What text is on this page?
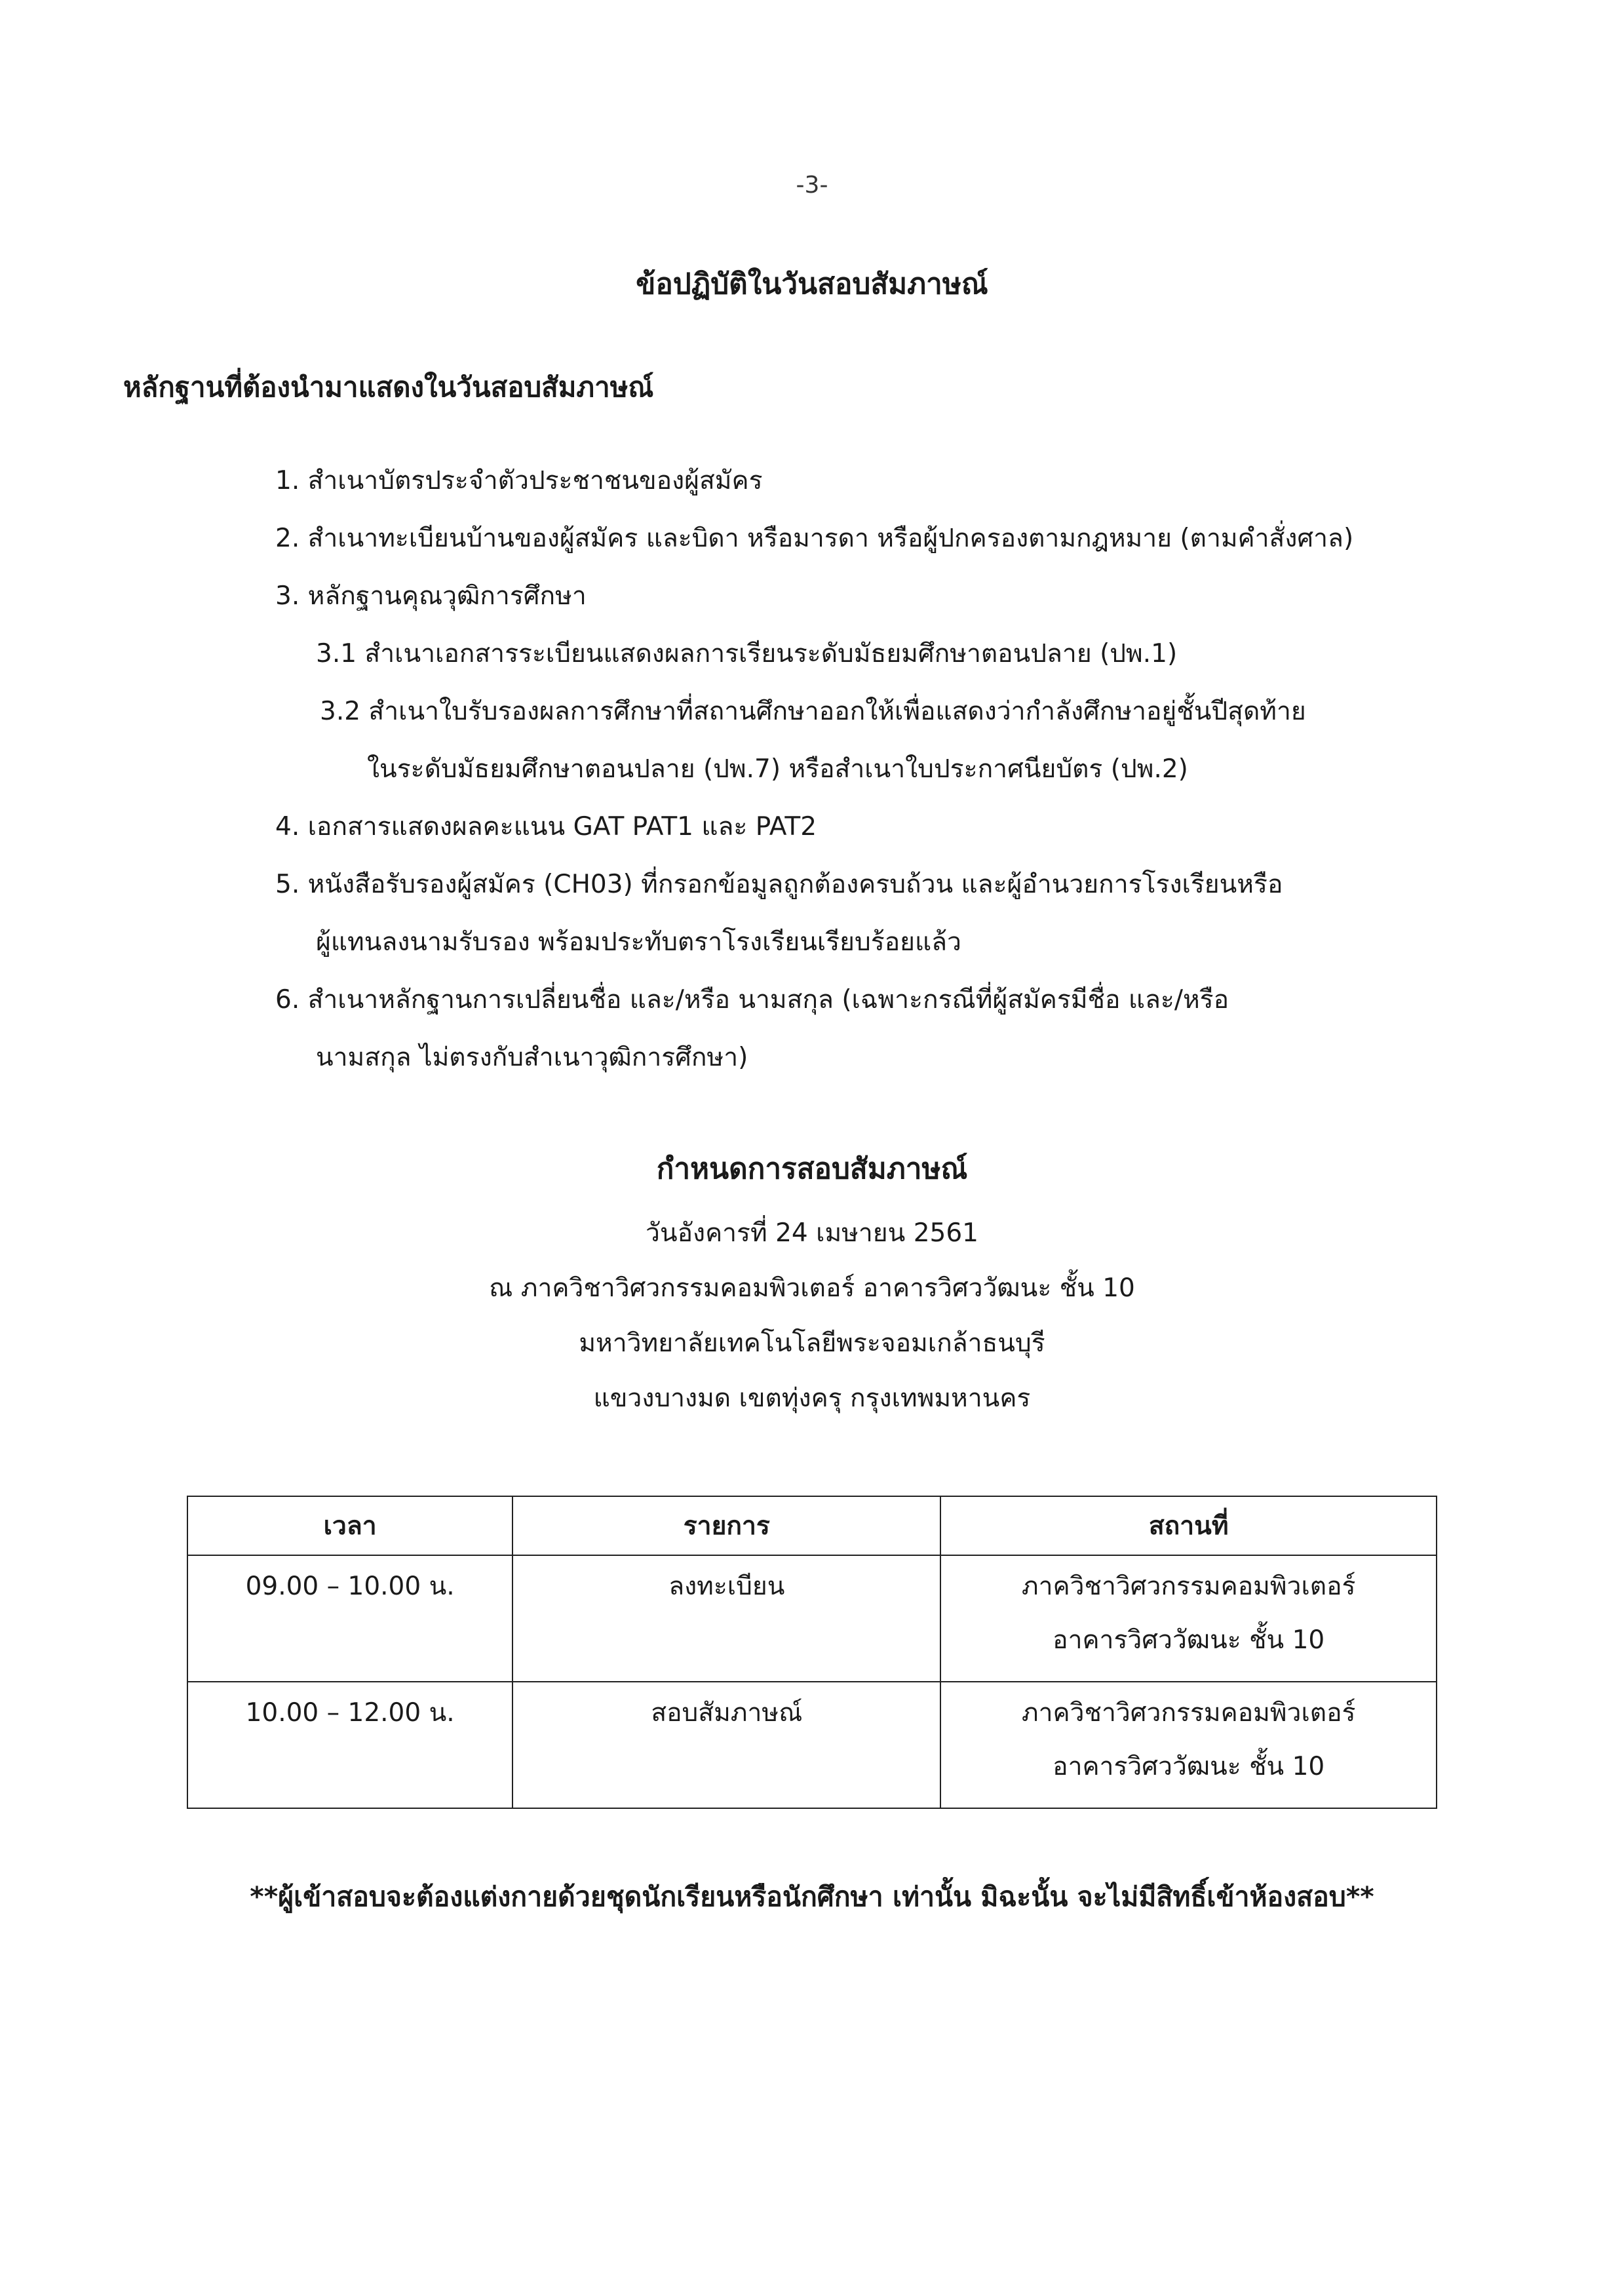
-3-
ข้อปฏิบัติในวันสอบสัมภาษณ์
หลักฐานที่ต้องนำมาแสดงในวันสอบสัมภาษณ์
1. สำเนาบัตรประจำตัวประชาชนของผู้สมัคร
2. สำเนาทะเบียนบ้านของผู้สมัคร และบิดา หรือมารดา หรือผู้ปกครองตามกฎหมาย (ตามคำสั่งศาล)
3. หลักฐานคุณวุฒิการศึกษา
3.1 สำเนาเอกสารระเบียนแสดงผลการเรียนระดับมัธยมศึกษาตอนปลาย (ปพ.1)
3.2 สำเนาใบรับรองผลการศึกษาที่สถานศึกษาออกให้เพื่อแสดงว่ากำลังศึกษาอยู่ชั้นปีสุดท้าย
ในระดับมัธยมศึกษาตอนปลาย (ปพ.7) หรือสำเนาใบประกาศนียบัตร (ปพ.2)
4. เอกสารแสดงผลคะแนน GAT PAT1 และ PAT2
5. หนังสือรับรองผู้สมัคร (CH03) ที่กรอกข้อมูลถูกต้องครบถ้วน และผู้อำนวยการโรงเรียนหรือ
ผู้แทนลงนามรับรอง พร้อมประทับตราโรงเรียนเรียบร้อยแล้ว
6. สำเนาหลักฐานการเปลี่ยนชื่อ และ/หรือ นามสกุล (เฉพาะกรณีที่ผู้สมัครมีชื่อ และ/หรือ
นามสกุล ไม่ตรงกับสำเนาวุฒิการศึกษา)
กำหนดการสอบสัมภาษณ์
วันอังคารที่ 24 เมษายน 2561
ณ ภาควิชาวิศวกรรมคอมพิวเตอร์ อาคารวิศววัฒนะ ชั้น 10
มหาวิทยาลัยเทคโนโลยีพระจอมเกล้าธนบุรี
แขวงบางมด เขตทุ่งครุ กรุงเทพมหานคร
เวลา	รายการ	สถานที่
09.00 – 10.00 น.	ลงทะเบียน	ภาควิชาวิศวกรรมคอมพิวเตอร์
อาคารวิศววัฒนะ ชั้น 10

10.00 – 12.00 น.	สอบสัมภาษณ์	ภาควิชาวิศวกรรมคอมพิวเตอร์
อาคารวิศววัฒนะ ชั้น 10
**ผู้เข้าสอบจะต้องแต่งกายด้วยชุดนักเรียนหรือนักศึกษา เท่านั้น มิฉะนั้น จะไม่มีสิทธิ์เข้าห้องสอบ**
